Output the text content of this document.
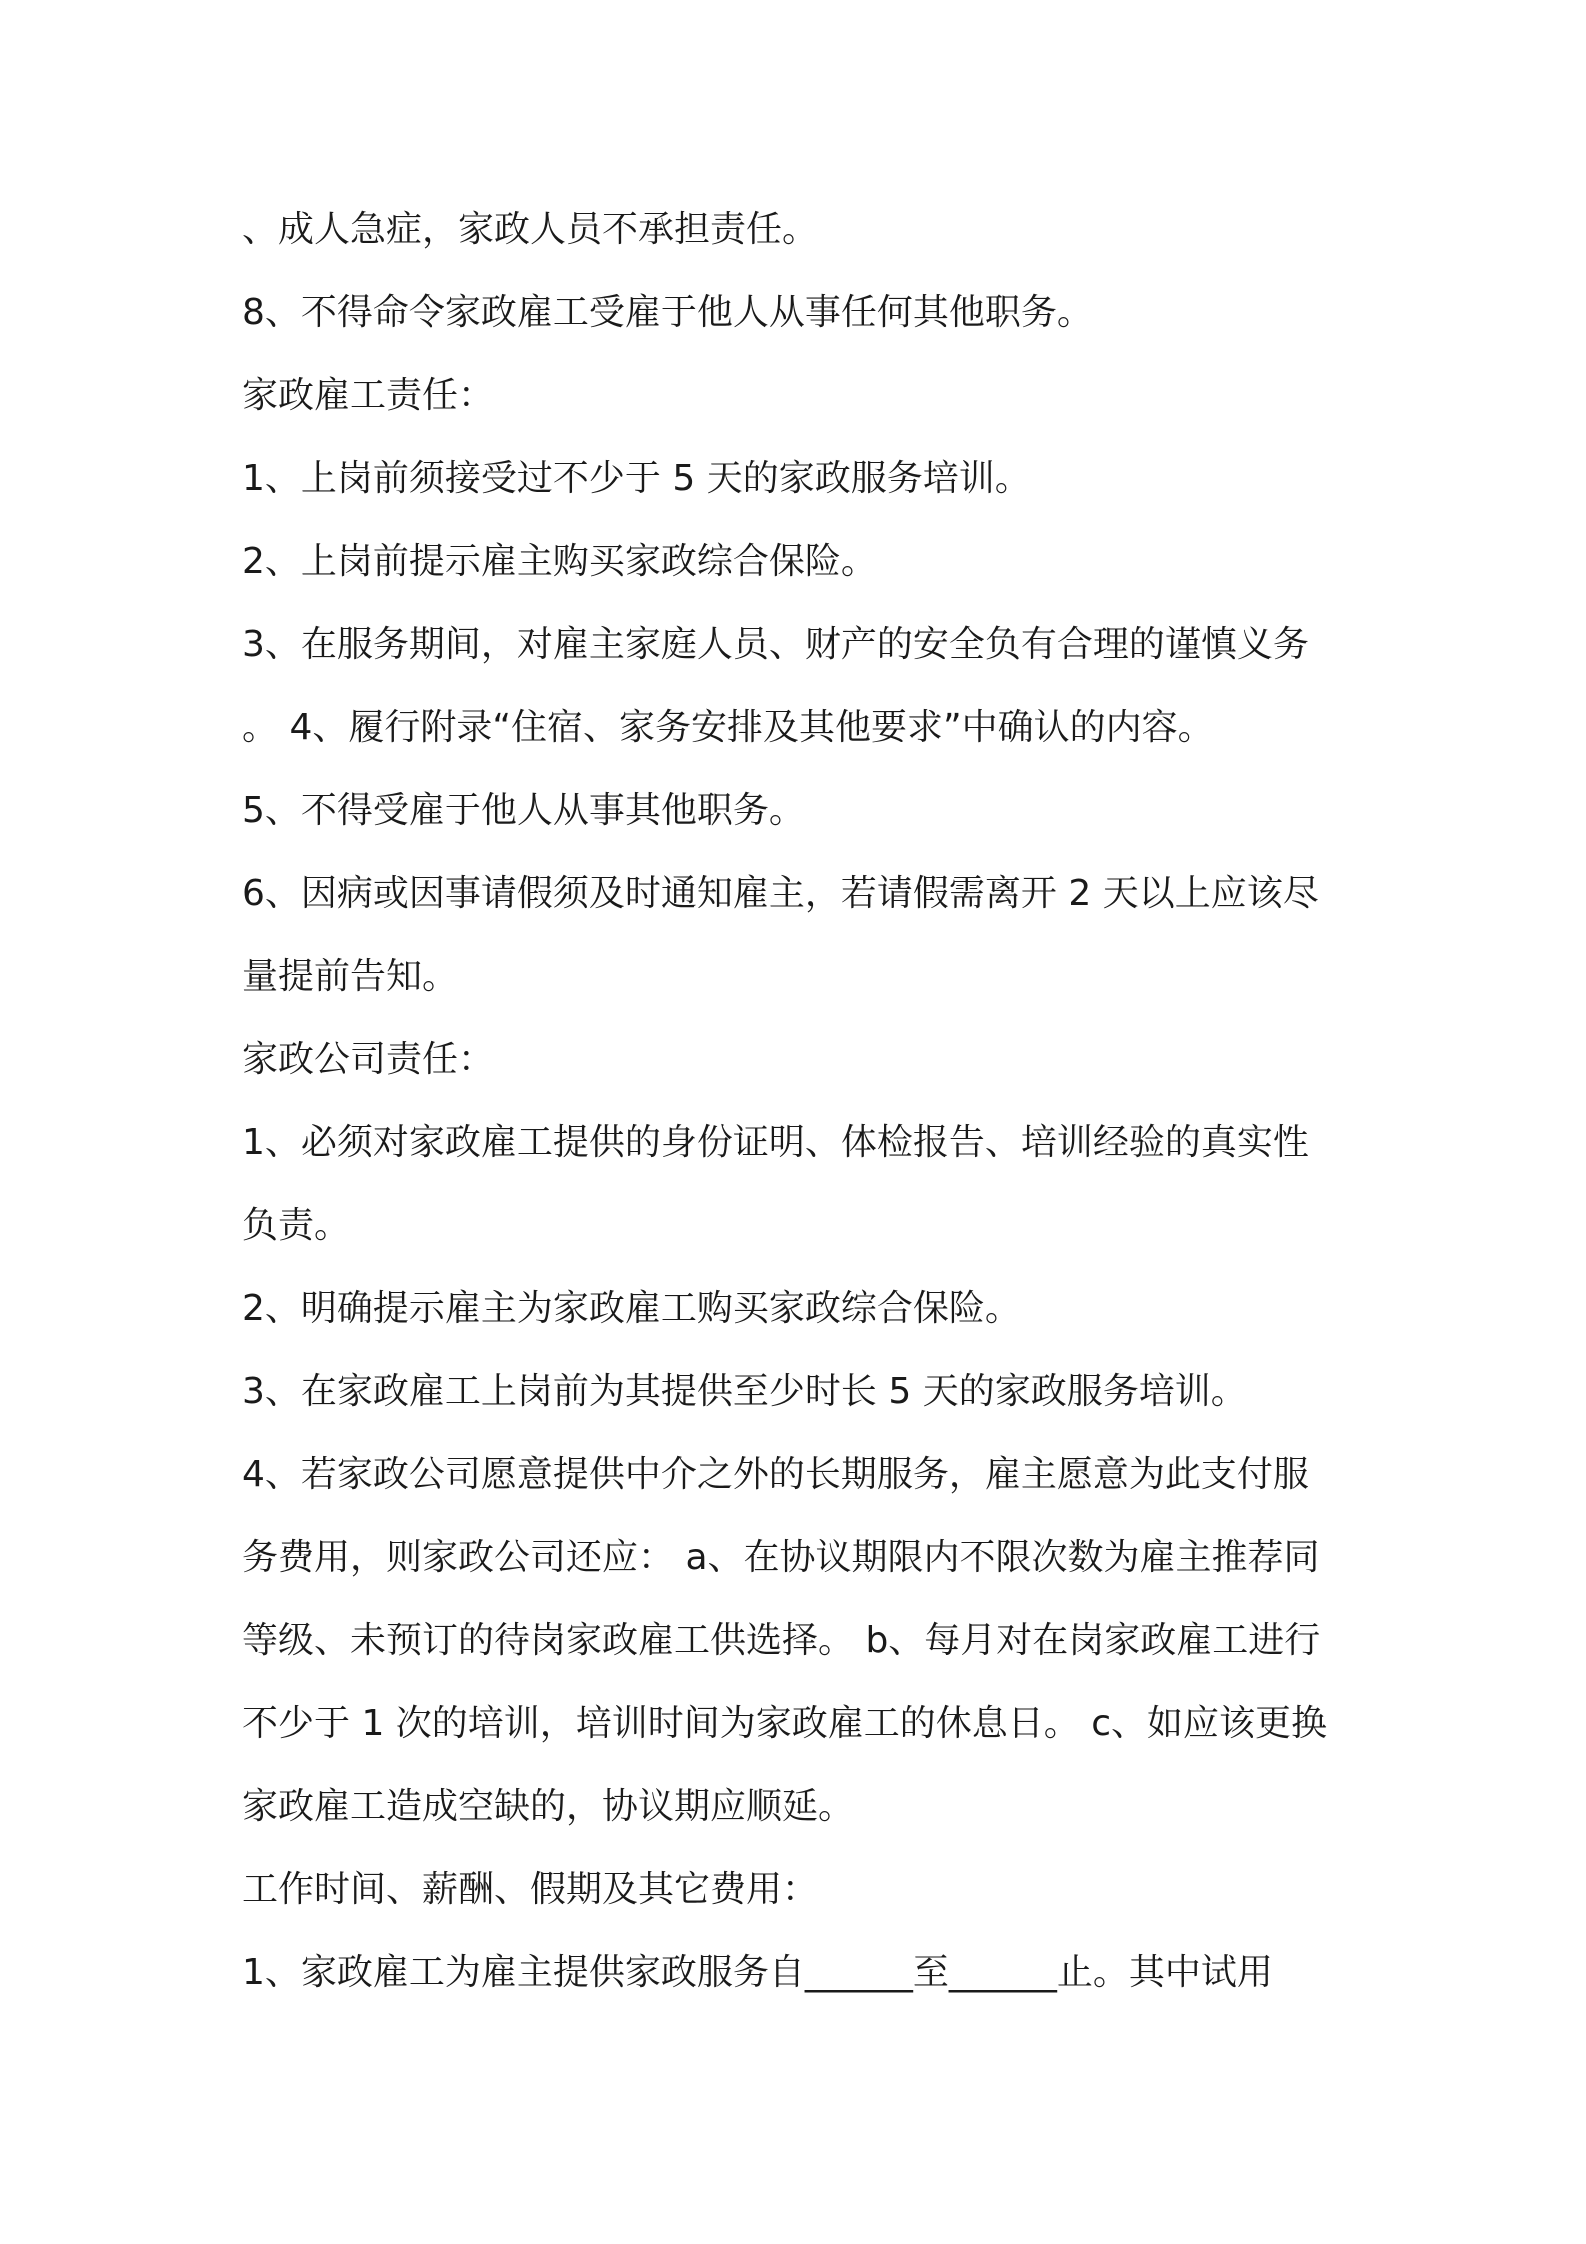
、成人急症，家政人员不承担责任。
8、不得命令家政雇工受雇于他人从事任何其他职务。
家政雇工责任：
1、上岗前须接受过不少于 5 天的家政服务培训。
2、上岗前提示雇主购买家政综合保险。
3、在服务期间，对雇主家庭人员、财产的安全负有合理的谨慎义务
。 4、履行附录“住宿、家务安排及其他要求”中确认的内容。
5、不得受雇于他人从事其他职务。
6、因病或因事请假须及时通知雇主，若请假需离开 2 天以上应该尽
量提前告知。
家政公司责任：
1、必须对家政雇工提供的身份证明、体检报告、培训经验的真实性
负责。
2、明确提示雇主为家政雇工购买家政综合保险。
3、在家政雇工上岗前为其提供至少时长 5 天的家政服务培训。
4、若家政公司愿意提供中介之外的长期服务，雇主愿意为此支付服
务费用，则家政公司还应： a、在协议期限内不限次数为雇主推荐同
等级、未预订的待岗家政雇工供选择。 b、每月对在岗家政雇工进行
不少于 1 次的培训，培训时间为家政雇工的休息日。 c、如应该更换
家政雇工造成空缺的，协议期应顺延。
工作时间、薪酬、假期及其它费用：
1、家政雇工为雇主提供家政服务自______至______止。其中试用
